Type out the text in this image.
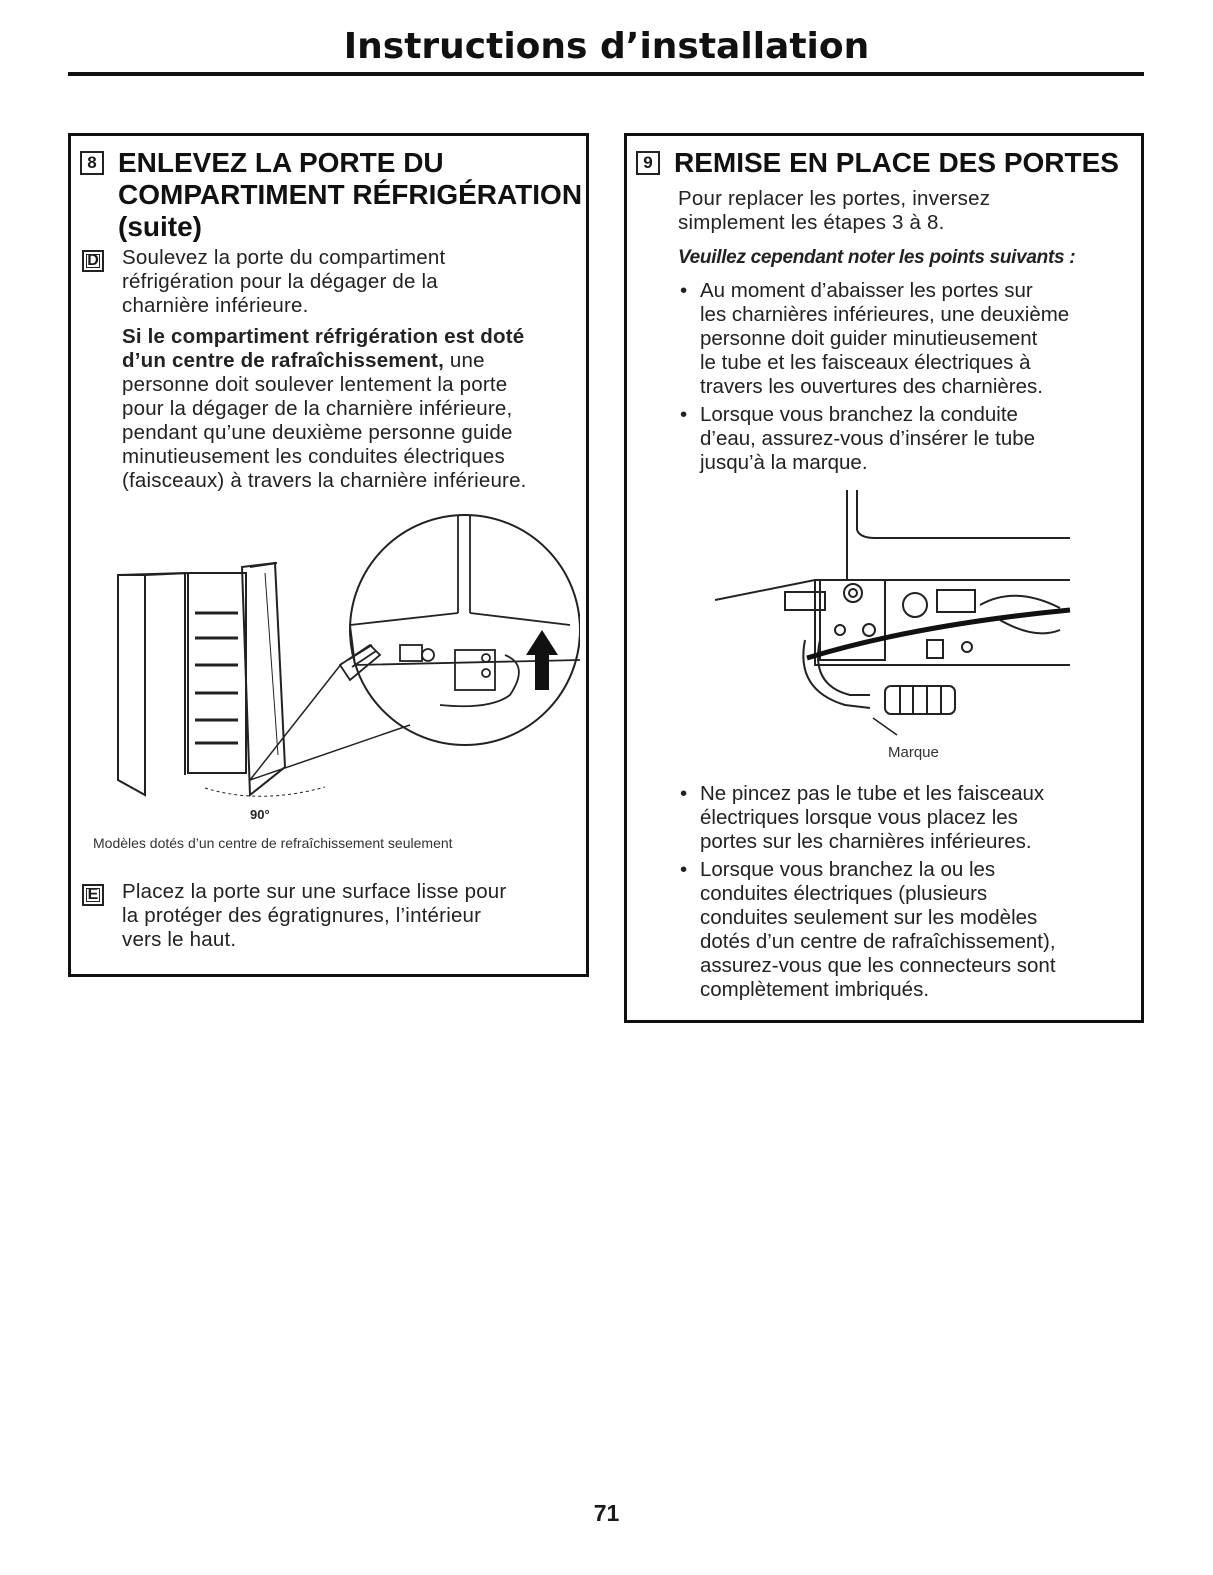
Instructions d’installation
8 ENLEVEZ LA PORTE DU
COMPARTIMENT RÉFRIGÉRATION
(suite)
D Soulevez la porte du compartiment
réfrigération pour la dégager de la
charnière inférieure.
Si le compartiment réfrigération est doté
d’un centre de rafraîchissement, une
personne doit soulever lentement la porte
pour la dégager de la charnière inférieure,
pendant qu’une deuxième personne guide
minutieusement les conduites électriques
(faisceaux) à travers la charnière inférieure.
90°
Modèles dotés d’un centre de refraîchissement seulement
E Placez la porte sur une surface lisse pour
la protéger des égratignures, l’intérieur
vers le haut.
9 REMISE EN PLACE DES PORTES
Pour replacer les portes, inversez
simplement les étapes 3 à 8.
Veuillez cependant noter les points suivants :
• Au moment d’abaisser les portes sur
les charnières inférieures, une deuxième
personne doit guider minutieusement
le tube et les faisceaux électriques à
travers les ouvertures des charnières.
• Lorsque vous branchez la conduite
d’eau, assurez-vous d’insérer le tube
jusqu’à la marque.
Marque
• Ne pincez pas le tube et les faisceaux
électriques lorsque vous placez les
portes sur les charnières inférieures.
• Lorsque vous branchez la ou les
conduites électriques (plusieurs
conduites seulement sur les modèles
dotés d’un centre de rafraîchissement),
assurez-vous que les connecteurs sont
complètement imbriqués.
71
